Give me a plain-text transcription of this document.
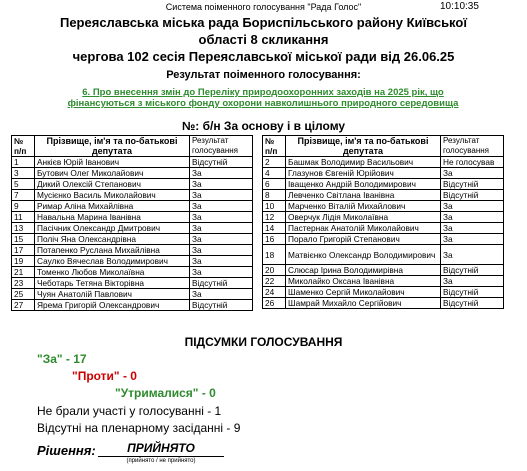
Система поіменного голосування "Рада Голос"	10:10:35
Переяславська міська рада Бориспільського району Київської
області 8 скликання
чергова 102 сесія Переяславської міської ради від 26.06.25
Результат поіменного голосування:
6. Про внесення змін до Переліку природоохоронних заходів на 2025 рік, що
фінансуються з міського фонду охорони навколишнього природного середовища
№: б/н За основу і в цілому
№ п/п	Прізвище, ім'я та по-батькові депутата	Результат голосування
1	Анкієв Юрій Іванович	Відсутній
3	Бутович Олег Миколайович	За
5	Дикий Олексій Степанович	За
7	Мусієнко Василь Миколайович	За
9	Римар Аліна Михайлівна	За
11	Навальна Марина Іванівна	За
13	Пасічник Олександр Дмитрович	За
15	Поліч Яна Олександрівна	За
17	Потапенко Руслана Михайлівна	За
19	Саулко Вячеслав Володимирович	За
21	Томенко Любов Миколаївна	За
23	Чеботарь Тетяна Вікторівна	Відсутній
25	Чуян Анатолій Павлович	За
27	Ярема Григорій Олександрович	Відсутній
№ п/п	Прізвище, ім'я та по-батькові депутата	Результат голосування
2	Башмак Володимир Васильович	Не голосував
4	Глазунов Євгеній Юрійович	За
6	Іващенко Андрій Володимирович	Відсутній
8	Левченко Світлана Іванівна	Відсутній
10	Марченко Віталій Михайлович	За
12	Оверчук Лідія Миколаївна	За
14	Пастернак Анатолій Миколайович	За
16	Порало Григорій Степанович	За
18	Матвієнко Олександр Володимирович	За
20	Слюсар Ірина Володимирівна	Відсутній
22	Миколайко Оксана Іванівна	За
24	Шаменко Сергій Миколайович	Відсутній
26	Шамрай Михайло Сергійович	Відсутній
ПІДСУМКИ ГОЛОСУВАННЯ
"За" - 17
"Проти" - 0
"Утрималися" - 0
Не брали участі у голосуванні - 1
Відсутні на пленарному засіданні - 9
Рішення:	ПРИЙНЯТО
(прийнято / не прийнято)
